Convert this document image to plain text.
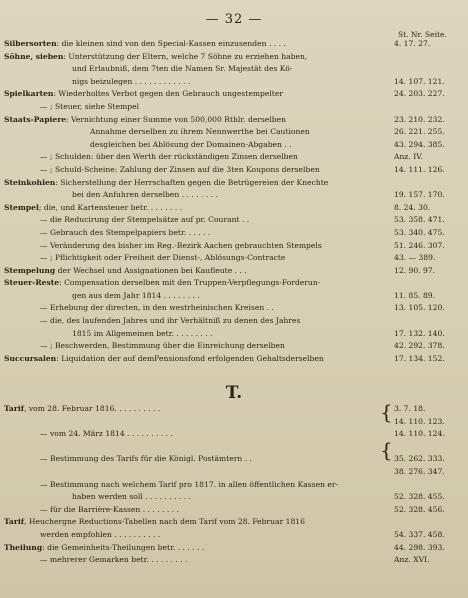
— 32 —
St. Nr. Seite.
Silbersorten: die kleinen sind von den Special-Kassen einzusenden . . . .	4. 17. 27.
Söhne, sieben: Unterstützung der Eltern, welche 7 Söhne zu erziehen haben,
und Erlaubniß, dem 7ten die Namen Sr. Majestät des Kö-
nigs beizulegen . . . . . . . . . . . .	14. 107. 121.
Spielkarten: Wiederholtes Verbot gegen den Gebrauch ungestempelter	24. 203. 227.
— ; Steuer, siehe Stempel
Staats-Papiere: Vernichtung einer Summe von 500,000 Rthlr. derselben	23. 210. 232.
Annahme derselben zu ihrem Nennwerthe bei Cautionen	26. 221. 255.
desgleichen bei Ablösung der Domainen-Abgaben . .	43. 294. 385.
— ; Schulden: über den Werth der rückständigen Zinsen derselben	Anz. IV.
— ; Schuld-Scheine: Zahlung der Zinsen auf die 3ten Koupons derselben	14. 111. 126.
Steinkohlen: Sicherstellung der Herrschaften gegen die Betrügereien der Knechte
bei den Anfuhren derselben . . . . . . . .	19. 157. 170.
Stempel; die, und Kartensteuer betr. . . . . . . .	8. 24. 30.
— die Reducirung der Stempelsätze auf pr. Courant . .	53. 358. 471.
— Gebrauch des Stempelpapiers betr. . . . . .	53. 340. 475.
— Veränderung des bisher im Reg.-Bezirk Aachen gebrauchten Stempels	51. 246. 307.
— ; Pflichtigkeit oder Freiheit der Dienst-, Ablösungs-Contracte	43. — 389.
Stempelung der Wechsel und Assignationen bei Kaufleute . . .	12. 90. 97.
Steuer-Reste: Compensation derselben mit den Truppen-Verpflegungs-Forderun-
gen aus dem Jahr 1814 . . . . . . . .	11. 85. 89.
— Erhebung der directen, in den westrheinischen Kreisen . .	13. 105. 120.
— die, des laufenden Jahres und ihr Verhältniß zu denen des Jahres
1815 im Allgemeinen betr. . . . . . . . .	17. 132. 140.
— ; Beschwerden, Bestimmung über die Einreichung derselben	42. 292. 378.
Succursalen: Liquidation der auf demPensionsfond erfolgenden Gehaltsderselben	17. 134. 152.
T.
Tarif, vom 28. Februar 1816. . . . . . . . . .	3. 7. 18.
14. 110. 123.
— vom 24. März 1814 . . . . . . . . . .	14. 110. 124.
— Bestimmung des Tarifs für die Königl. Postämtern . .	35. 262. 333.
38. 276. 347.
— Bestimmung nach welchem Tarif pro 1817. in allen öffentlichen Kassen er-
haben werden soll . . . . . . . . . .	52. 328. 455.
— für die Barrière-Kassen . . . . . . . .	52. 328. 456.
Tarif, Heuchergne Reductions-Tabellen nach dem Tarif vom 28. Februar 1816
werden empfohlen . . . . . . . . . .	54. 337. 458.
Theilung: die Gemeinheits-Theilungen betr. . . . . . .	44. 298. 393.
— mehrerer Gemarken betr. . . . . . . . .	Anz. XVI.
{
{
